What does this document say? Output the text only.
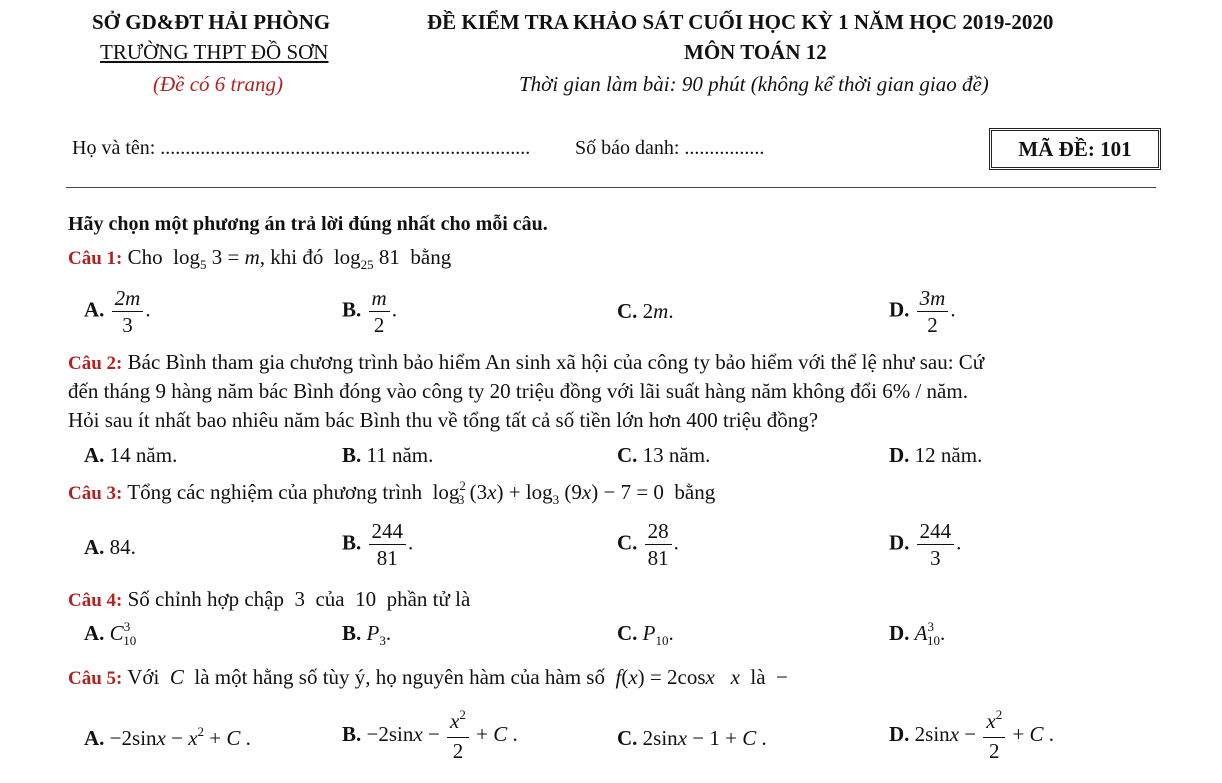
SỞ GD&ĐT HẢI PHÒNG
TRƯỜNG THPT ĐỒ SƠN
(Đề có 6 trang)
ĐỀ KIỂM TRA KHẢO SÁT CUỐI HỌC KỲ 1 NĂM HỌC 2019-2020
MÔN TOÁN 12
Thời gian làm bài: 90 phút (không kể thời gian giao đề)
Họ và tên: .......................................................................... Số báo danh: ................	MÃ ĐỀ: 101
Hãy chọn một phương án trả lời đúng nhất cho mỗi câu.
Câu 1: Cho  $\log_5 3 = m$, khi đó  $\log_{25} 81$  bằng
A. $\frac{2m}{3}$ .	B. $\frac{m}{2}$ .	C. 2m.	D. $\frac{3m}{2}$ .
Câu 2: Bác Bình tham gia chương trình bảo hiểm An sinh xã hội của công ty bảo hiểm với thể lệ như sau: Cứ
đến tháng 9 hàng năm bác Bình đóng vào công ty 20 triệu đồng với lãi suất hàng năm không đổi 6% / năm.
Hỏi sau ít nhất bao nhiêu năm bác Bình thu về tổng tất cả số tiền lớn hơn 400 triệu đồng?
A. 14 năm.	B. 11 năm.	C. 13 năm.	D. 12 năm.
Câu 3: Tổng các nghiệm của phương trình  $\log^2_3 (3x) + \log_3 (9x) - 7 = 0$  bằng
A. 84.	B. $\frac{244}{81}$ .	C. $\frac{28}{81}$ .	D. $\frac{244}{3}$ .
Câu 4: Số chỉnh hợp chập  3  của  10  phần tử là
A. $C^3_{10}$	B. $P_3$.	C. $P_{10}$.	D. $A^3_{10}$.
Câu 5: Với  C  là một hằng số tùy ý, họ nguyên hàm của hàm số  f(x) = 2cosx x  là  −
A. $-2\sin x - x^2 + C$ .	B. $-2\sin x - \frac{x^2}{2} + C$ .	C. 2sinx − 1 + C .	D. $2\sin x - \frac{x^2}{2} + C$ .
